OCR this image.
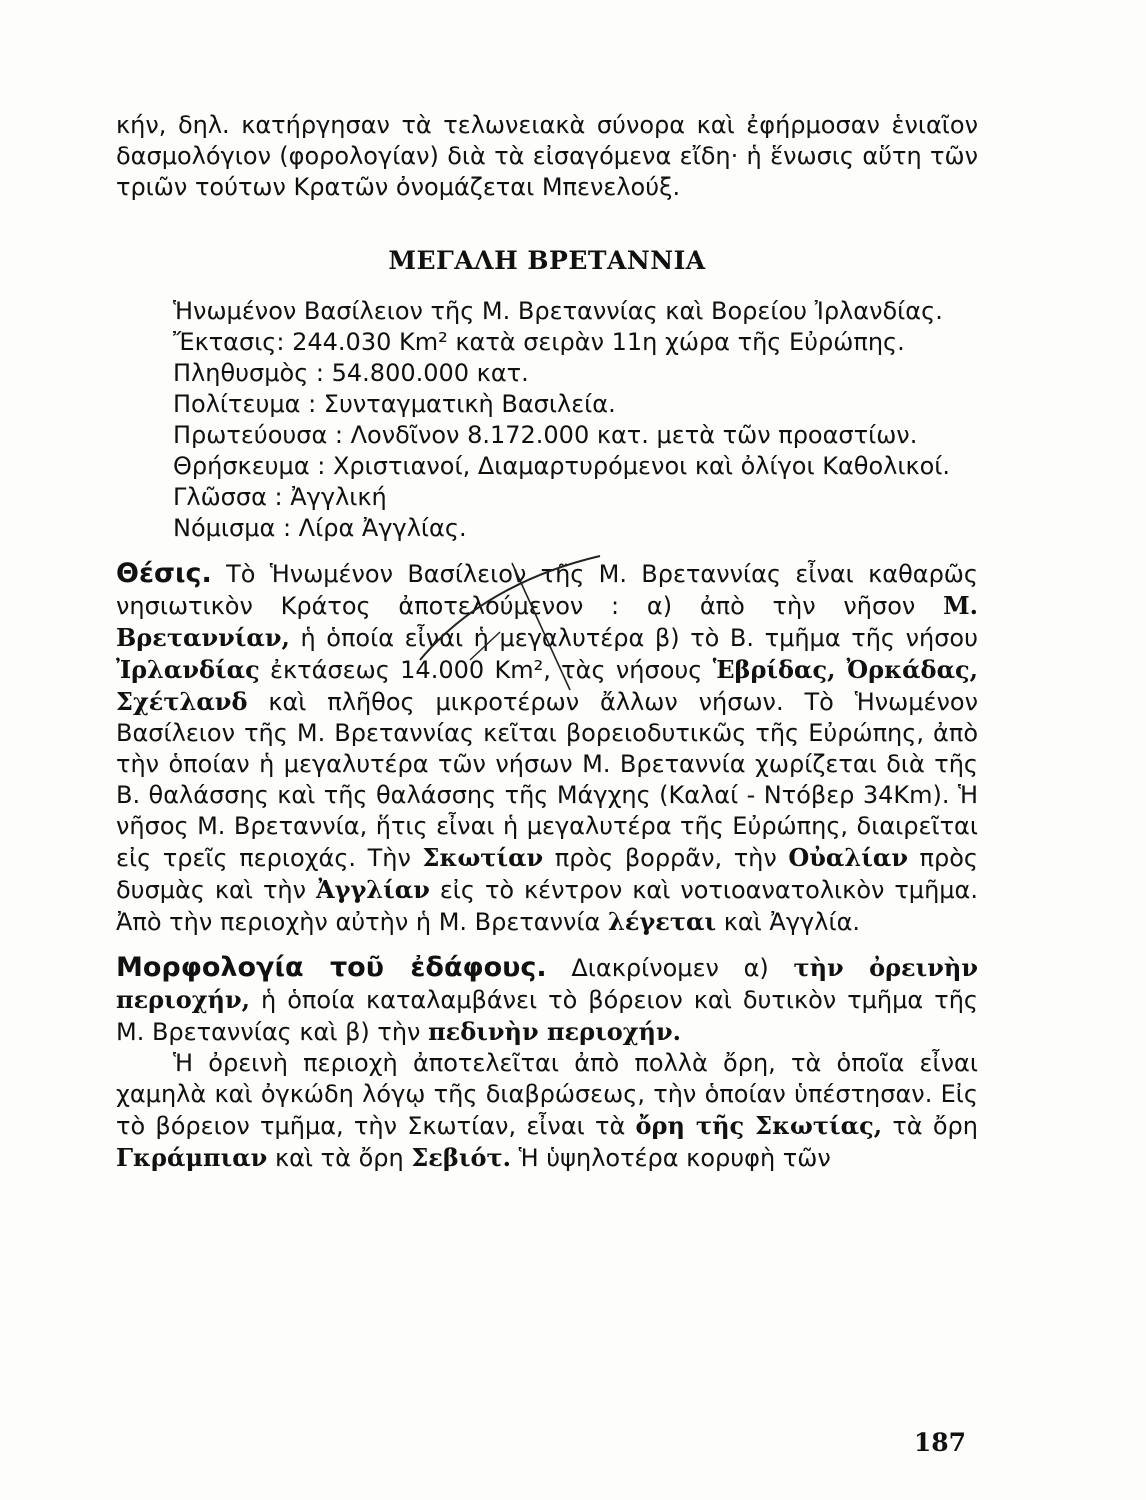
κήν, δηλ. κατήργησαν τὰ τελωνειακὰ σύνορα καὶ ἐφήρμοσαν ἑνιαῖον δασμολόγιον (φορολογίαν) διὰ τὰ εἰσαγόμενα εἴδη· ἡ ἕνωσις αὕτη τῶν τριῶν τούτων Κρατῶν ὀνομάζεται Μπενελούξ.

ΜΕΓΑΛΗ ΒΡΕΤΑΝΝΙΑ

Ἡνωμένον Βασίλειον τῆς Μ. Βρεταννίας καὶ Βορείου Ἰρλανδίας.

Ἔκτασις: 244.030 Km² κατὰ σειρὰν 11η χώρα τῆς Εὐρώπης.

Πληθυσμὸς : 54.800.000 κατ.

Πολίτευμα : Συνταγματικὴ Βασιλεία.

Πρωτεύουσα : Λονδῖνον 8.172.000 κατ. μετὰ τῶν προαστίων.

Θρήσκευμα : Χριστιανοί, Διαμαρτυρόμενοι καὶ ὀλίγοι Καθολικοί.

Γλῶσσα : Ἀγγλική

Νόμισμα : Λίρα Ἀγγλίας.

Θέσις. Τὸ Ἡνωμένον Βασίλειον τῆς Μ. Βρεταννίας εἶναι καθαρῶς νησιωτικὸν Κράτος ἀποτελούμενον : α) ἀπὸ τὴν νῆσον Μ. Βρεταννίαν, ἡ ὁποία εἶναι ἡ μεγαλυτέρα β) τὸ Β. τμῆμα τῆς νήσου Ἰρλανδίας ἐκτάσεως 14.000 Km², τὰς νήσους Ἑβρίδας, Ὀρκάδας, Σχέτλανδ καὶ πλῆθος μικροτέρων ἄλλων νήσων. Τὸ Ἡνωμένον Βασίλειον τῆς Μ. Βρεταννίας κεῖται βορειοδυτικῶς τῆς Εὐρώπης, ἀπὸ τὴν ὁποίαν ἡ μεγαλυτέρα τῶν νήσων Μ. Βρεταννία χωρίζεται διὰ τῆς Β. θαλάσσης καὶ τῆς θαλάσσης τῆς Μάγχης (Καλαί - Ντόβερ 34Km). Ἡ νῆσος Μ. Βρεταννία, ἥτις εἶναι ἡ μεγαλυτέρα τῆς Εὐρώπης, διαιρεῖται εἰς τρεῖς περιοχάς. Τὴν Σκωτίαν πρὸς βορρᾶν, τὴν Οὐαλίαν πρὸς δυσμὰς καὶ τὴν Ἀγγλίαν εἰς τὸ κέντρον καὶ νοτιοανατολικὸν τμῆμα. Ἀπὸ τὴν περιοχὴν αὐτὴν ἡ Μ. Βρεταννία λέγεται καὶ Ἀγγλία.

Μορφολογία τοῦ ἐδάφους. Διακρίνομεν α) τὴν ὀρεινὴν περιοχήν, ἡ ὁποία καταλαμβάνει τὸ βόρειον καὶ δυτικὸν τμῆμα τῆς Μ. Βρεταννίας καὶ β) τὴν πεδινὴν περιοχήν.

Ἡ ὀρεινὴ περιοχὴ ἀποτελεῖται ἀπὸ πολλὰ ὄρη, τὰ ὁποῖα εἶναι χαμηλὰ καὶ ὀγκώδη λόγῳ τῆς διαβρώσεως, τὴν ὁποίαν ὑπέστησαν. Εἰς τὸ βόρειον τμῆμα, τὴν Σκωτίαν, εἶναι τὰ ὄρη τῆς Σκωτίας, τὰ ὄρη Γκράμπιαν καὶ τὰ ὄρη Σεβιότ. Ἡ ὑψηλοτέρα κορυφὴ τῶν

187
